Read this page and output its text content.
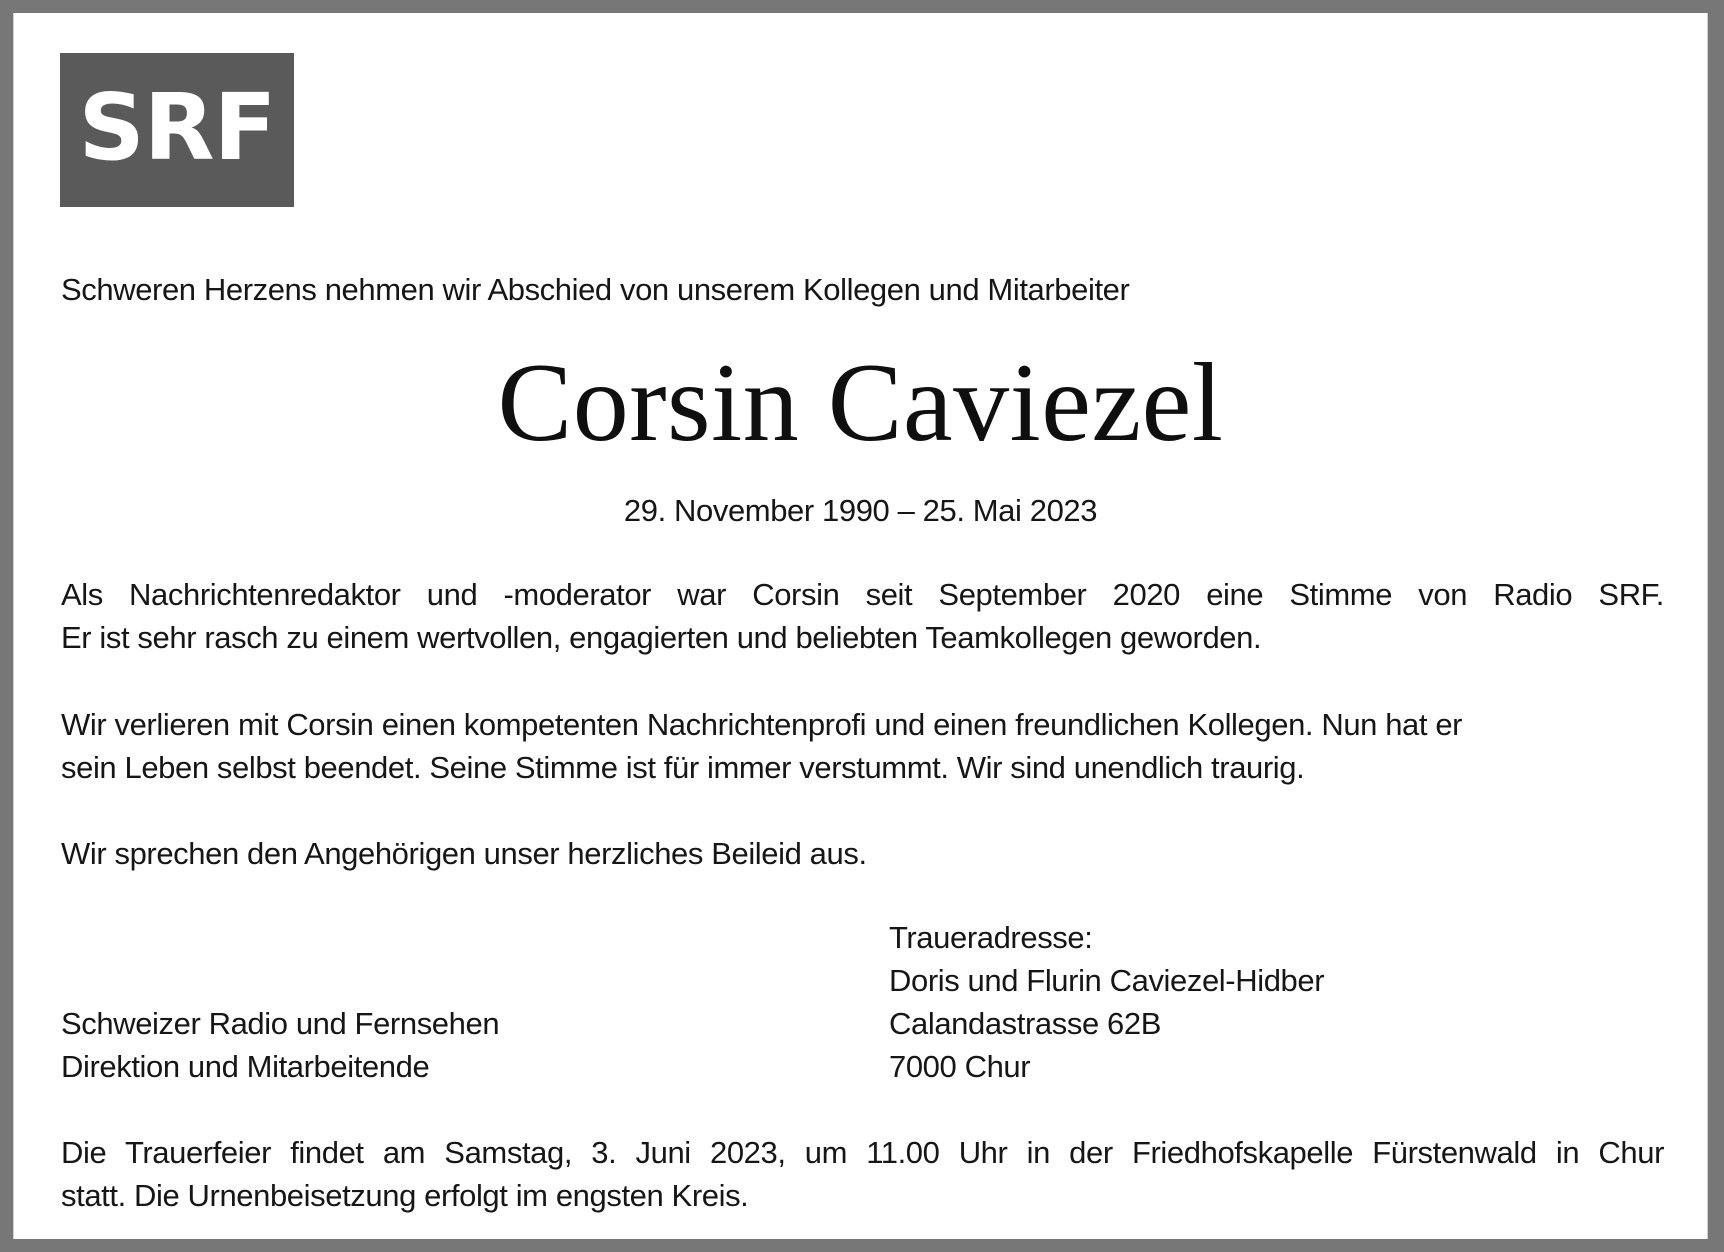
SRF
Schweren Herzens nehmen wir Abschied von unserem Kollegen und Mitarbeiter
Corsin Caviezel
29. November 1990 – 25. Mai 2023
Als Nachrichtenredaktor und -moderator war Corsin seit September 2020 eine Stimme von Radio SRF.
Er ist sehr rasch zu einem wertvollen, engagierten und beliebten Teamkollegen geworden.
Wir verlieren mit Corsin einen kompetenten Nachrichtenprofi und einen freundlichen Kollegen. Nun hat er
sein Leben selbst beendet. Seine Stimme ist für immer verstummt. Wir sind unendlich traurig.
Wir sprechen den Angehörigen unser herzliches Beileid aus.
Schweizer Radio und Fernsehen
Direktion und Mitarbeitende
Traueradresse:
Doris und Flurin Caviezel-Hidber
Calandastrasse 62B
7000 Chur
Die Trauerfeier findet am Samstag, 3. Juni 2023, um 11.00 Uhr in der Friedhofskapelle Fürstenwald in Chur
statt. Die Urnenbeisetzung erfolgt im engsten Kreis.
